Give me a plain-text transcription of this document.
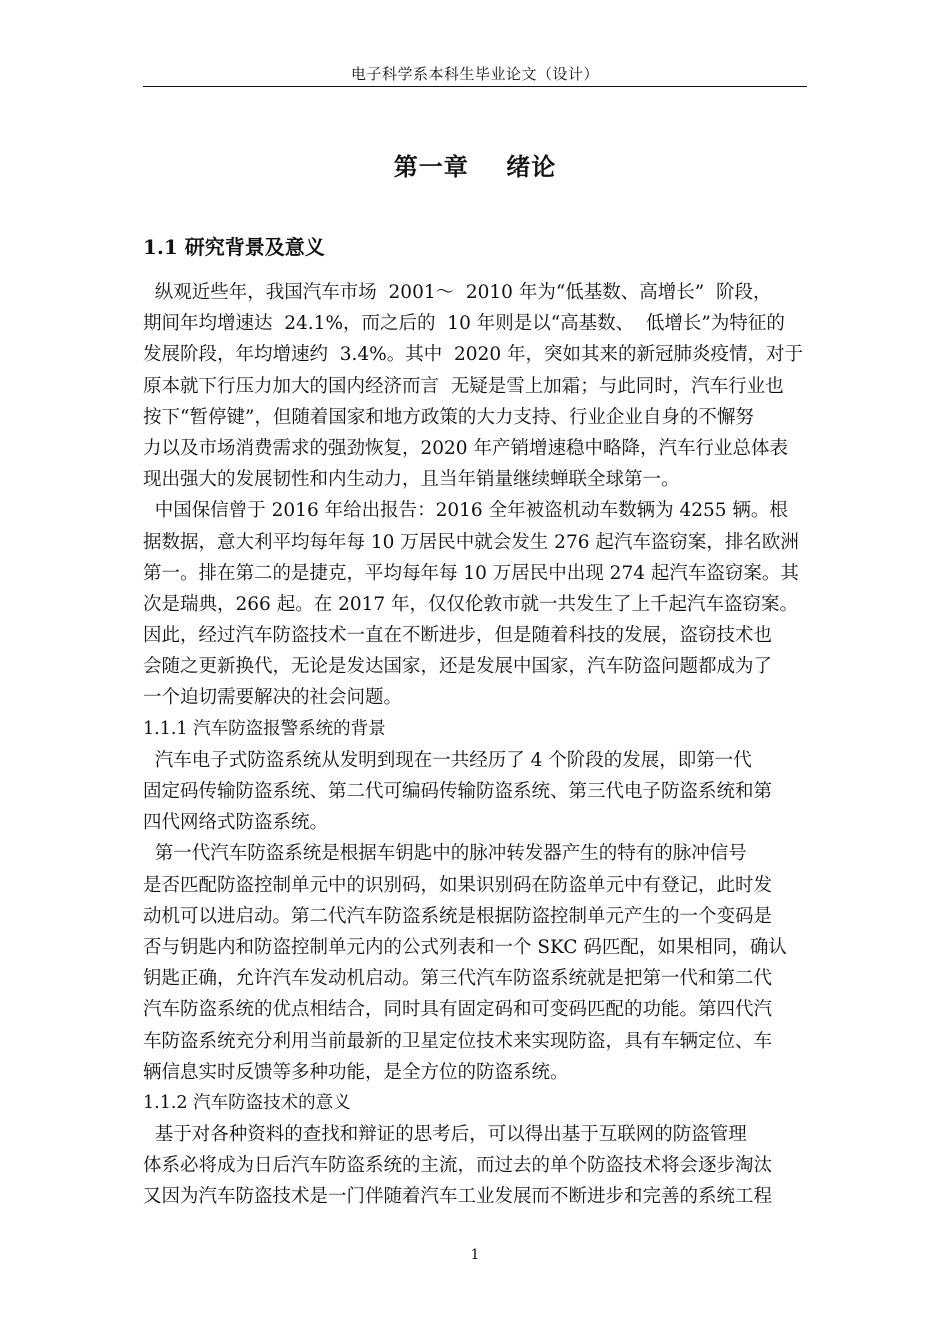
电子科学系本科生毕业论文（设计）
第一章    绪论
1.1 研究背景及意义
纵观近些年，我国汽车市场  2001～  2010 年为“低基数、高增长”  阶段，
期间年均增速达  24.1%，而之后的  10 年则是以“高基数、  低增长”为特征的
发展阶段，年均增速约  3.4%。其中  2020 年，突如其来的新冠肺炎疫情，对于
原本就下行压力加大的国内经济而言  无疑是雪上加霜；与此同时，汽车行业也
按下“暂停键”，但随着国家和地方政策的大力支持、行业企业自身的不懈努
力以及市场消费需求的强劲恢复，2020 年产销增速稳中略降，汽车行业总体表
现出强大的发展韧性和内生动力，且当年销量继续蝉联全球第一。
中国保信曾于 2016 年给出报告：2016 全年被盗机动车数辆为 4255 辆。根
据数据，意大利平均每年每 10 万居民中就会发生 276 起汽车盗窃案，排名欧洲
第一。排在第二的是捷克，平均每年每 10 万居民中出现 274 起汽车盗窃案。其
次是瑞典，266 起。在 2017 年，仅仅伦敦市就一共发生了上千起汽车盗窃案。
因此，经过汽车防盗技术一直在不断进步，但是随着科技的发展，盗窃技术也
会随之更新换代，无论是发达国家，还是发展中国家，汽车防盗问题都成为了
一个迫切需要解决的社会问题。
1.1.1 汽车防盗报警系统的背景
汽车电子式防盗系统从发明到现在一共经历了 4 个阶段的发展，即第一代
固定码传输防盗系统、第二代可编码传输防盗系统、第三代电子防盗系统和第
四代网络式防盗系统。
第一代汽车防盗系统是根据车钥匙中的脉冲转发器产生的特有的脉冲信号
是否匹配防盗控制单元中的识别码，如果识别码在防盗单元中有登记，此时发
动机可以进启动。第二代汽车防盗系统是根据防盗控制单元产生的一个变码是
否与钥匙内和防盗控制单元内的公式列表和一个 SKC 码匹配，如果相同，确认
钥匙正确，允许汽车发动机启动。第三代汽车防盗系统就是把第一代和第二代
汽车防盗系统的优点相结合，同时具有固定码和可变码匹配的功能。第四代汽
车防盗系统充分利用当前最新的卫星定位技术来实现防盗，具有车辆定位、车
辆信息实时反馈等多种功能，是全方位的防盗系统。
1.1.2 汽车防盗技术的意义
基于对各种资料的查找和辩证的思考后，可以得出基于互联网的防盗管理
体系必将成为日后汽车防盗系统的主流，而过去的单个防盗技术将会逐步淘汰
又因为汽车防盗技术是一门伴随着汽车工业发展而不断进步和完善的系统工程
1
